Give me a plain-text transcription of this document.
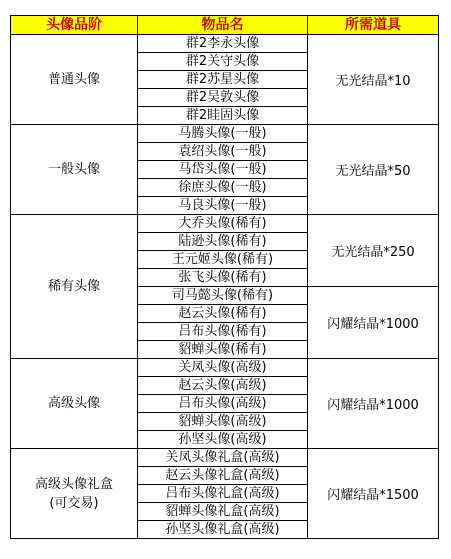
头像品阶	物品名	所需道具

普通头像	群2李永头像	无光结晶*10
	群2关守头像	
	群2苏星头像	
	群2吴敦头像	
	群2眭固头像	

一般头像	马腾头像(一般)	无光结晶*50
	袁绍头像(一般)	
	马岱头像(一般)	
	徐庶头像(一般)	
	马良头像(一般)	

稀有头像	大乔头像(稀有)	无光结晶*250
	陆逊头像(稀有)	
	王元姬头像(稀有)	
	张飞头像(稀有)	
	司马懿头像(稀有)	闪耀结晶*1000
	赵云头像(稀有)	
	吕布头像(稀有)	
	貂蝉头像(稀有)	

高级头像	关凤头像(高级)	闪耀结晶*1000
	赵云头像(高级)	
	吕布头像(高级)	
	貂蝉头像(高级)	
	孙坚头像(高级)	

高级头像礼盒
(可交易)	关凤头像礼盒(高级)	闪耀结晶*1500
	赵云头像礼盒(高级)	
	吕布头像礼盒(高级)	
	貂蝉头像礼盒(高级)	
	孙坚头像礼盒(高级)	
